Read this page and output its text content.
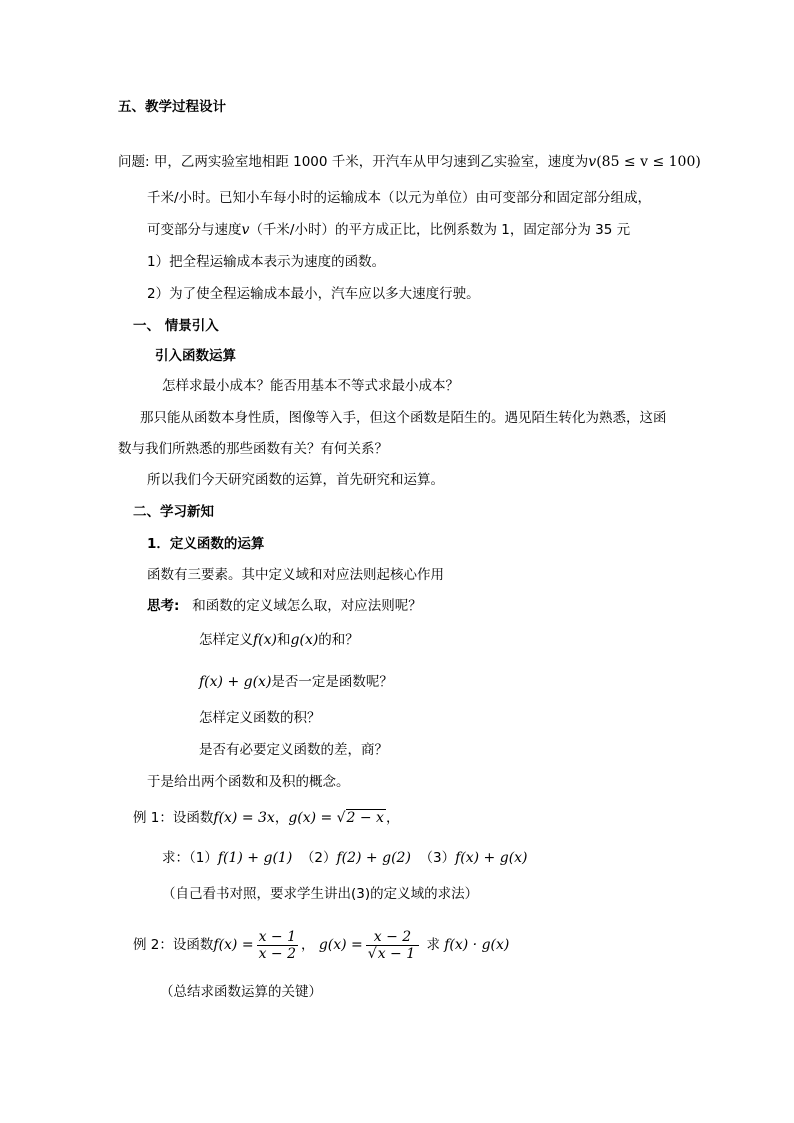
五、教学过程设计
问题: 甲，乙两实验室地相距 1000 千米，开汽车从甲匀速到乙实验室，速度为v(85 ≤ v ≤ 100)
千米/小时。已知小车每小时的运输成本（以元为单位）由可变部分和固定部分组成，
可变部分与速度v（千米/小时）的平方成正比，比例系数为 1，固定部分为 35 元
1）把全程运输成本表示为速度的函数。
2）为了使全程运输成本最小，汽车应以多大速度行驶。
一、 情景引入
引入函数运算
怎样求最小成本？能否用基本不等式求最小成本？
那只能从函数本身性质，图像等入手，但这个函数是陌生的。遇见陌生转化为熟悉，这函
数与我们所熟悉的那些函数有关？有何关系？
所以我们今天研究函数的运算，首先研究和运算。
二、学习新知
1．定义函数的运算
函数有三要素。其中定义域和对应法则起核心作用
思考: 和函数的定义域怎么取，对应法则呢？
怎样定义f(x)和g(x)的和？
f(x) + g(x)是否一定是函数呢？
怎样定义函数的积？
是否有必要定义函数的差，商？
于是给出两个函数和及积的概念。
例 1：设函数f(x) = 3x，g(x) = √2 − x ，
求：（1）f(1) + g(1) （2）f(2) + g(2) （3）f(x) + g(x)
（自己看书对照，要求学生讲出(3)的定义域的求法）
例 2：设函数$f(x) = \frac{x - 1}{x - 2}$ ， $g(x) = \frac{x - 2}{√x - 1}$ 求 f(x) · g(x)
（总结求函数运算的关键）
